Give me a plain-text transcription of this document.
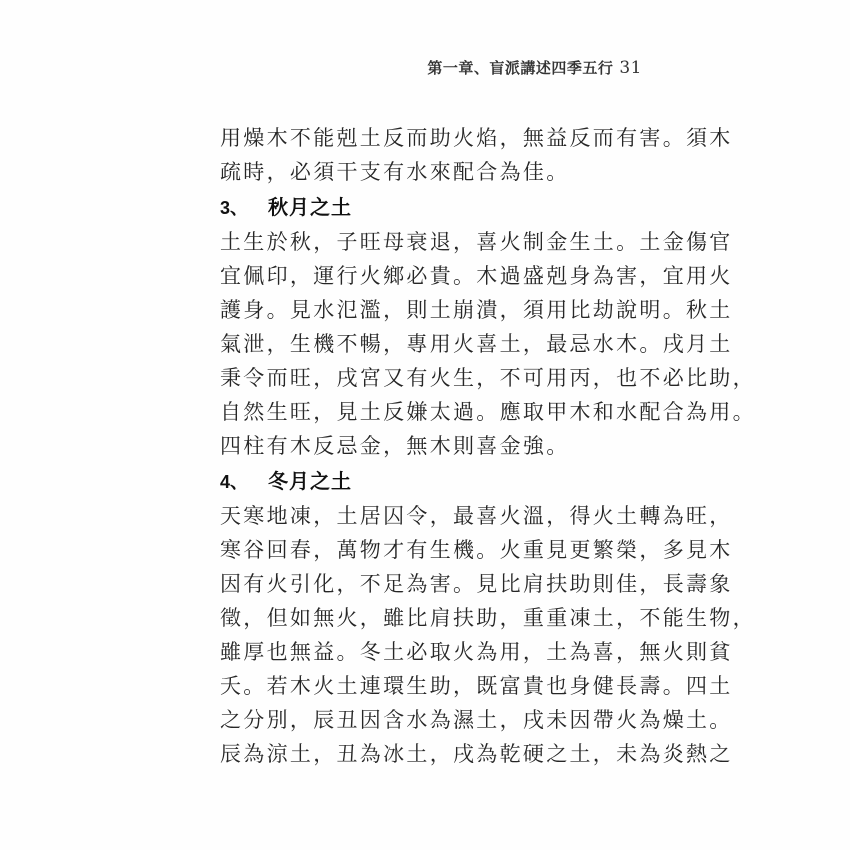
第一章、盲派講述四季五行 31
用燥木不能剋土反而助火焰，無益反而有害。須木
疏時，必須干支有水來配合為佳。
3、 秋月之土
土生於秋，子旺母衰退，喜火制金生土。土金傷官
宜佩印，運行火鄉必貴。木過盛剋身為害，宜用火
護身。見水氾濫，則土崩潰，須用比劫說明。秋土
氣泄，生機不暢，專用火喜土，最忌水木。戌月土
秉令而旺，戌宮又有火生，不可用丙，也不必比助，
自然生旺，見土反嫌太過。應取甲木和水配合為用。
四柱有木反忌金，無木則喜金強。
4、 冬月之土
天寒地凍，土居囚令，最喜火溫，得火土轉為旺，
寒谷回春，萬物才有生機。火重見更繁榮，多見木
因有火引化，不足為害。見比肩扶助則佳，長壽象
徵，但如無火，雖比肩扶助，重重凍土，不能生物，
雖厚也無益。冬土必取火為用，土為喜，無火則貧
夭。若木火土連環生助，既富貴也身健長壽。四土
之分別，辰丑因含水為濕土，戌未因帶火為燥土。
辰為涼土，丑為冰土，戌為乾硬之土，未為炎熱之
